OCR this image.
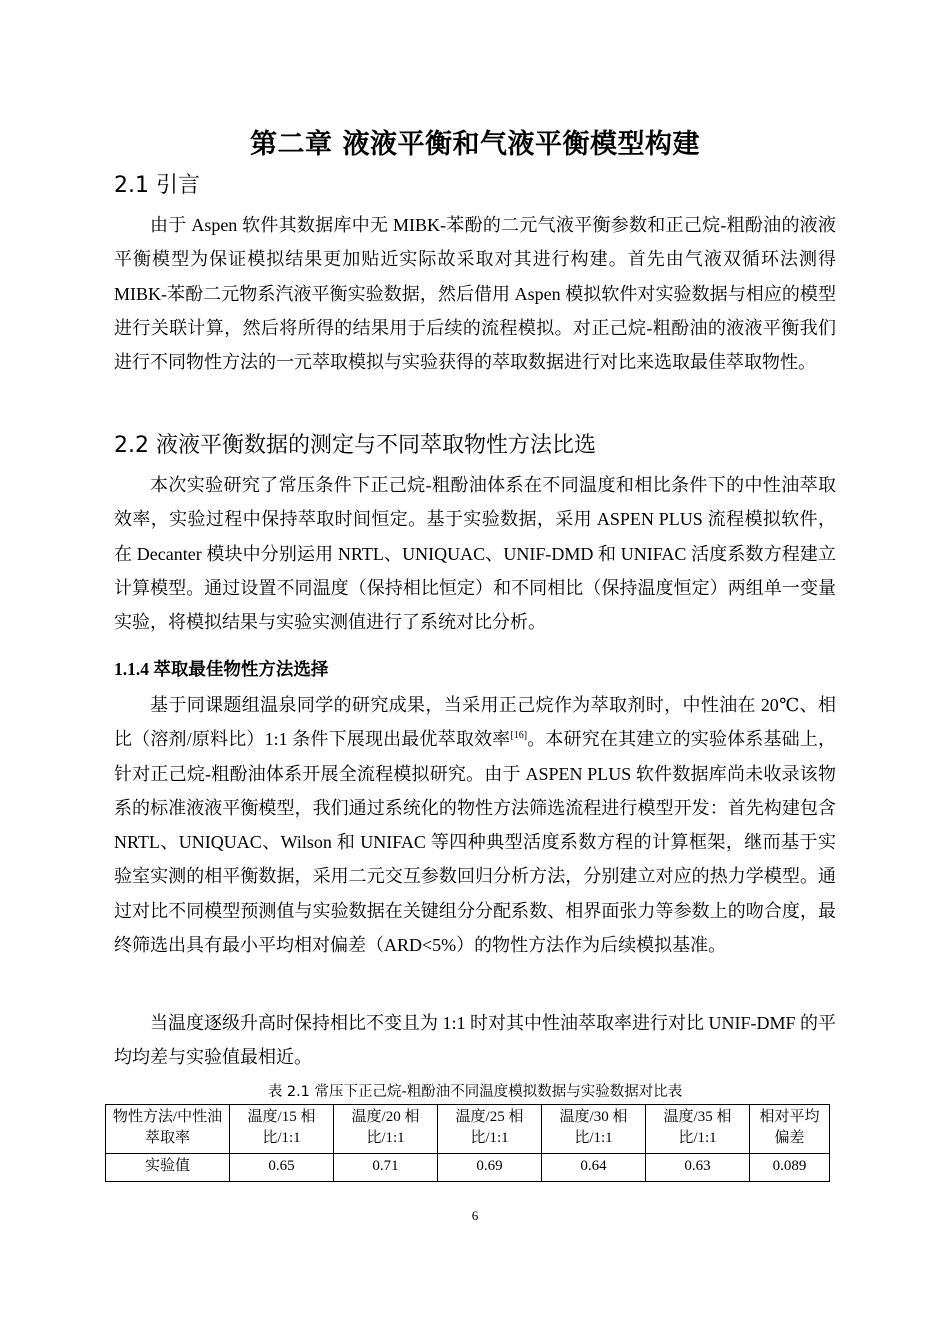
第二章 液液平衡和气液平衡模型构建
2.1 引言

由于 Aspen 软件其数据库中无 MIBK-苯酚的二元气液平衡参数和正己烷-粗酚油的液液平衡模型为保证模拟结果更加贴近实际故采取对其进行构建。首先由气液双循环法测得 MIBK-苯酚二元物系汽液平衡实验数据，然后借用 Aspen 模拟软件对实验数据与相应的模型进行关联计算，然后将所得的结果用于后续的流程模拟。对正己烷-粗酚油的液液平衡我们进行不同物性方法的一元萃取模拟与实验获得的萃取数据进行对比来选取最佳萃取物性。

2.2 液液平衡数据的测定与不同萃取物性方法比选

本次实验研究了常压条件下正己烷-粗酚油体系在不同温度和相比条件下的中性油萃取效率，实验过程中保持萃取时间恒定。基于实验数据，采用 ASPEN PLUS 流程模拟软件，在 Decanter 模块中分别运用 NRTL、UNIQUAC、UNIF-DMD 和 UNIFAC 活度系数方程建立计算模型。通过设置不同温度（保持相比恒定）和不同相比（保持温度恒定）两组单一变量实验，将模拟结果与实验实测值进行了系统对比分析。

1.1.4 萃取最佳物性方法选择

基于同课题组温泉同学的研究成果，当采用正己烷作为萃取剂时，中性油在 20℃、相比（溶剂/原料比）1:1 条件下展现出最优萃取效率[16]。本研究在其建立的实验体系基础上，针对正己烷-粗酚油体系开展全流程模拟研究。由于 ASPEN PLUS 软件数据库尚未收录该物系的标准液液平衡模型，我们通过系统化的物性方法筛选流程进行模型开发：首先构建包含 NRTL、UNIQUAC、Wilson 和 UNIFAC 等四种典型活度系数方程的计算框架，继而基于实验室实测的相平衡数据，采用二元交互参数回归分析方法，分别建立对应的热力学模型。通过对比不同模型预测值与实验数据在关键组分分配系数、相界面张力等参数上的吻合度，最终筛选出具有最小平均相对偏差（ARD<5%）的物性方法作为后续模拟基准。

当温度逐级升高时保持相比不变且为 1:1 时对其中性油萃取率进行对比 UNIF-DMF 的平均均差与实验值最相近。

表 2.1 常压下正己烷-粗酚油不同温度模拟数据与实验数据对比表
物性方法/中性油萃取率	温度/15 相比/1:1	温度/20 相比/1:1	温度/25 相比/1:1	温度/30 相比/1:1	温度/35 相比/1:1	相对平均偏差
实验值	0.65	0.71	0.69	0.64	0.63	0.089
6
